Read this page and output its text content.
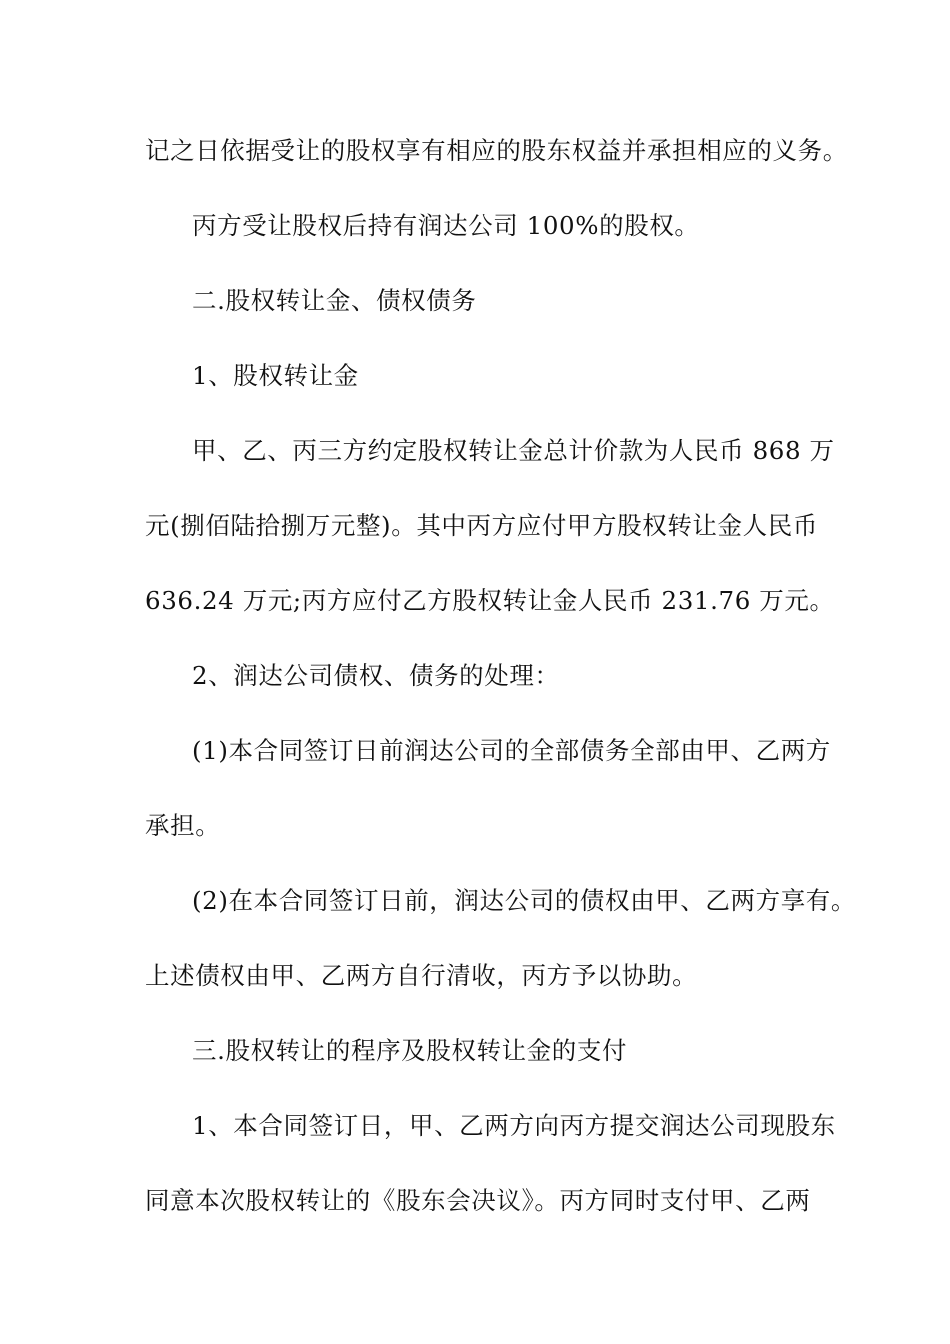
记之日依据受让的股权享有相应的股东权益并承担相应的义务。
丙方受让股权后持有润达公司 100%的股权。
二.股权转让金、债权债务
1、股权转让金
甲、乙、丙三方约定股权转让金总计价款为人民币 868 万
元(捌佰陆拾捌万元整)。其中丙方应付甲方股权转让金人民币
636.24 万元;丙方应付乙方股权转让金人民币 231.76 万元。
2、润达公司债权、债务的处理：
(1)本合同签订日前润达公司的全部债务全部由甲、乙两方
承担。
(2)在本合同签订日前，润达公司的债权由甲、乙两方享有。
上述债权由甲、乙两方自行清收，丙方予以协助。
三.股权转让的程序及股权转让金的支付
1、本合同签订日，甲、乙两方向丙方提交润达公司现股东
同意本次股权转让的《股东会决议》。丙方同时支付甲、乙两
